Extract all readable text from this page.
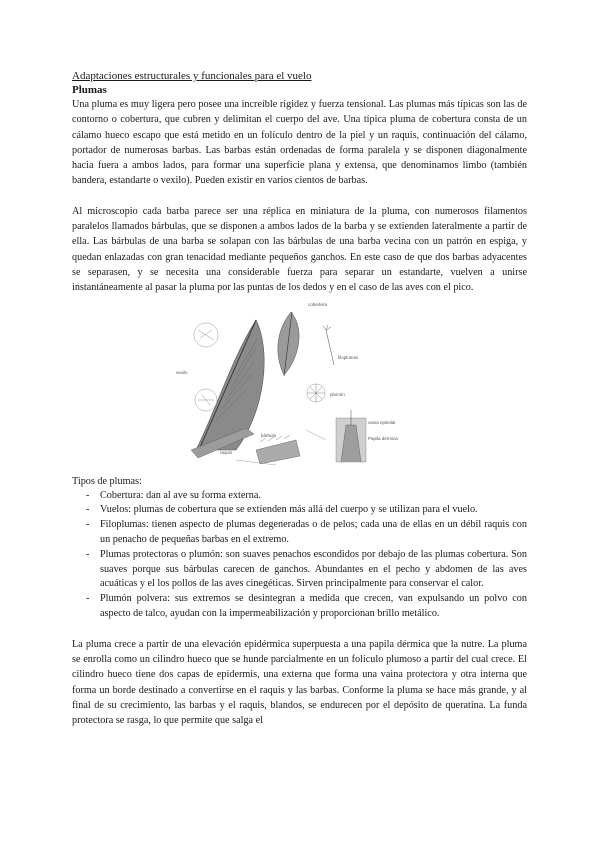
Adaptaciones estructurales y funcionales para el vuelo

Plumas

Una pluma es muy ligera pero posee una increíble rigidez y fuerza tensional. Las plumas más típicas son las de contorno o cobertura, que cubren y delimitan el cuerpo del ave. Una típica pluma de cobertura consta de un cálamo hueco escapo que está metido en un folículo dentro de la piel y un raquis, continuación del cálamo, portador de numerosas barbas. Las barbas están ordenadas de forma paralela y se disponen diagonalmente hacia fuera a ambos lados, para formar una superficie plana y extensa, que denominamos limbo (también bandera, estandarte o vexilo). Pueden existir en varios cientos de barbas.

Al microscopio cada barba parece ser una réplica en miniatura de la pluma, con numerosos filamentos paralelos llamados bárbulas, que se disponen a ambos lados de la barba y se extienden lateralmente a partir de ella. Las bárbulas de una barba se solapan con las bárbulas de una barba vecina con un patrón en espiga, y quedan enlazadas con gran tenacidad mediante pequeños ganchos. En este caso de que dos barbas adyacentes se separasen, y se necesita una considerable fuerza para separar un estandarte, vuelven a unirse instantáneamente al pasar la pluma por las puntas de los dedos y en el caso de las aves con el pico.

cobertera
vexilo
filoplumas
plumón
bárbula
raquis
Papila dérmica
vaina epitelial

Tipos de plumas:

- Cobertura: dan al ave su forma externa.
- Vuelos: plumas de cobertura que se extienden más allá del cuerpo y se utilizan para el vuelo.
- Filoplumas: tienen aspecto de plumas degeneradas o de pelos; cada una de ellas en un débil raquis con un penacho de pequeñas barbas en el extremo.
- Plumas protectoras o plumón: son suaves penachos escondidos por debajo de las plumas cobertura. Son suaves porque sus bárbulas carecen de ganchos. Abundantes en el pecho y abdomen de las aves acuáticas y el los pollos de las aves cinegéticas. Sirven principalmente para conservar el calor.
- Plumón polvera: sus extremos se desintegran a medida que crecen, van expulsando un polvo con aspecto de talco, ayudan con la impermeabilización y proporcionan brillo metálico.

La pluma crece a partir de una elevación epidérmica superpuesta a una papila dérmica que la nutre. La pluma se enrolla como un cilindro hueco que se hunde parcialmente en un folículo plumoso a partir del cual crece. El cilindro hueco tiene dos capas de epidermis, una externa que forma una vaina protectora y otra interna que forma un borde destinado a convertirse en el raquis y las barbas. Conforme la pluma se hace más grande, y al final de su crecimiento, las barbas y el raquis, blandos, se endurecen por el depósito de queratina. La funda protectora se rasga, lo que permite que salga el
